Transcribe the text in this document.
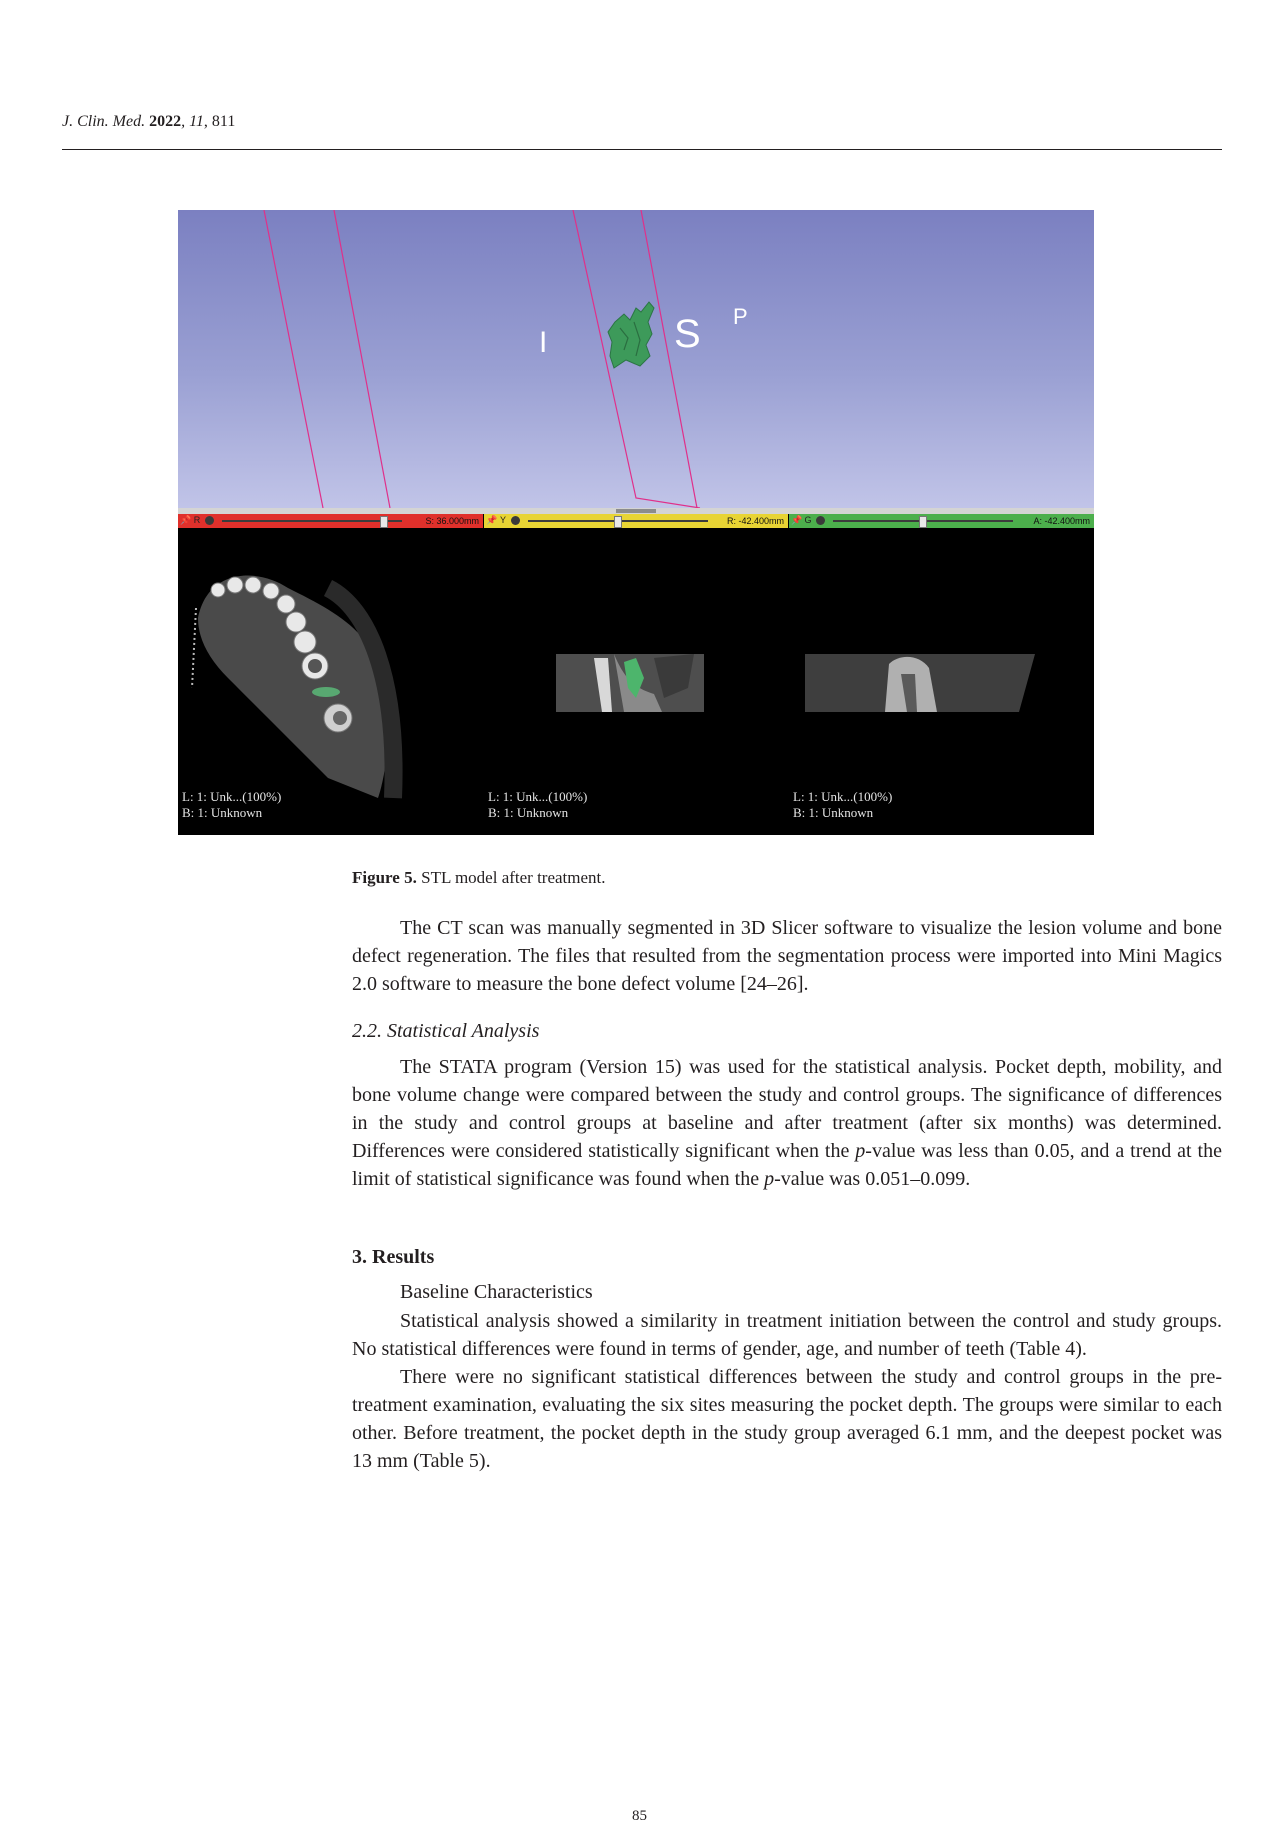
J. Clin. Med. 2022, 11, 811
I	S P
📌 R	S: 36.000mm
L: 1: Unk...(100%)
B: 1: Unknown
📌 Y	R: -42.400mm
L: 1: Unk...(100%)
B: 1: Unknown
📌 G	A: -42.400mm
L: 1: Unk...(100%)
B: 1: Unknown
Figure 5. STL model after treatment.

The CT scan was manually segmented in 3D Slicer software to visualize the lesion volume and bone defect regeneration. The files that resulted from the segmentation process were imported into Mini Magics 2.0 software to measure the bone defect volume [24–26].

2.2. Statistical Analysis

The STATA program (Version 15) was used for the statistical analysis. Pocket depth, mobility, and bone volume change were compared between the study and control groups. The significance of differences in the study and control groups at baseline and after treatment (after six months) was determined. Differences were considered statistically significant when the p-value was less than 0.05, and a trend at the limit of statistical significance was found when the p-value was 0.051–0.099.

3. Results
Baseline Characteristics

Statistical analysis showed a similarity in treatment initiation between the control and study groups. No statistical differences were found in terms of gender, age, and number of teeth (Table 4).

There were no significant statistical differences between the study and control groups in the pre-treatment examination, evaluating the six sites measuring the pocket depth. The groups were similar to each other. Before treatment, the pocket depth in the study group averaged 6.1 mm, and the deepest pocket was 13 mm (Table 5).

85
